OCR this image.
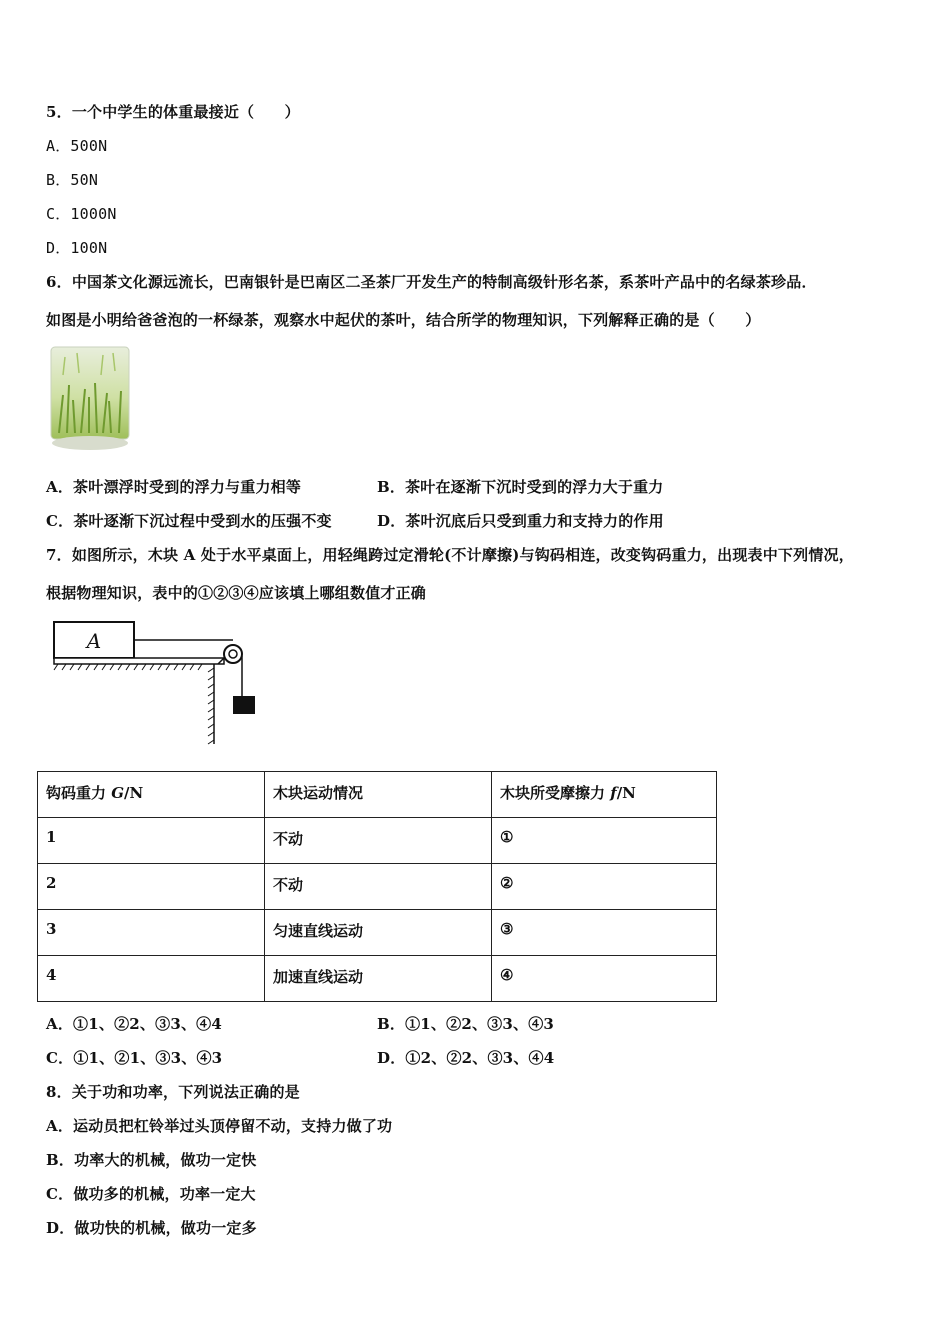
5．一个中学生的体重最接近（　　）
A．500N
B．50N
C．1000N
D．100N
6．中国茶文化源远流长，巴南银针是巴南区二圣茶厂开发生产的特制高级针形名茶，系茶叶产品中的名绿茶珍品．
如图是小明给爸爸泡的一杯绿茶，观察水中起伏的茶叶，结合所学的物理知识，下列解释正确的是（　　）
A．茶叶漂浮时受到的浮力与重力相等	B．茶叶在逐渐下沉时受到的浮力大于重力
C．茶叶逐渐下沉过程中受到水的压强不变	D．茶叶沉底后只受到重力和支持力的作用
7．如图所示，木块 A 处于水平桌面上，用轻绳跨过定滑轮(不计摩擦)与钩码相连，改变钩码重力，出现表中下列情况，
根据物理知识，表中的①②③④应该填上哪组数值才正确
A
钩码重力 G/N	木块运动情况	木块所受摩擦力 f/N
1	不动	①
2	不动	②
3	匀速直线运动	③
4	加速直线运动	④
A．①1、②2、③3、④4	B．①1、②2、③3、④3
C．①1、②1、③3、④3	D．①2、②2、③3、④4
8．关于功和功率，下列说法正确的是
A．运动员把杠铃举过头顶停留不动，支持力做了功
B．功率大的机械，做功一定快
C．做功多的机械，功率一定大
D．做功快的机械，做功一定多
